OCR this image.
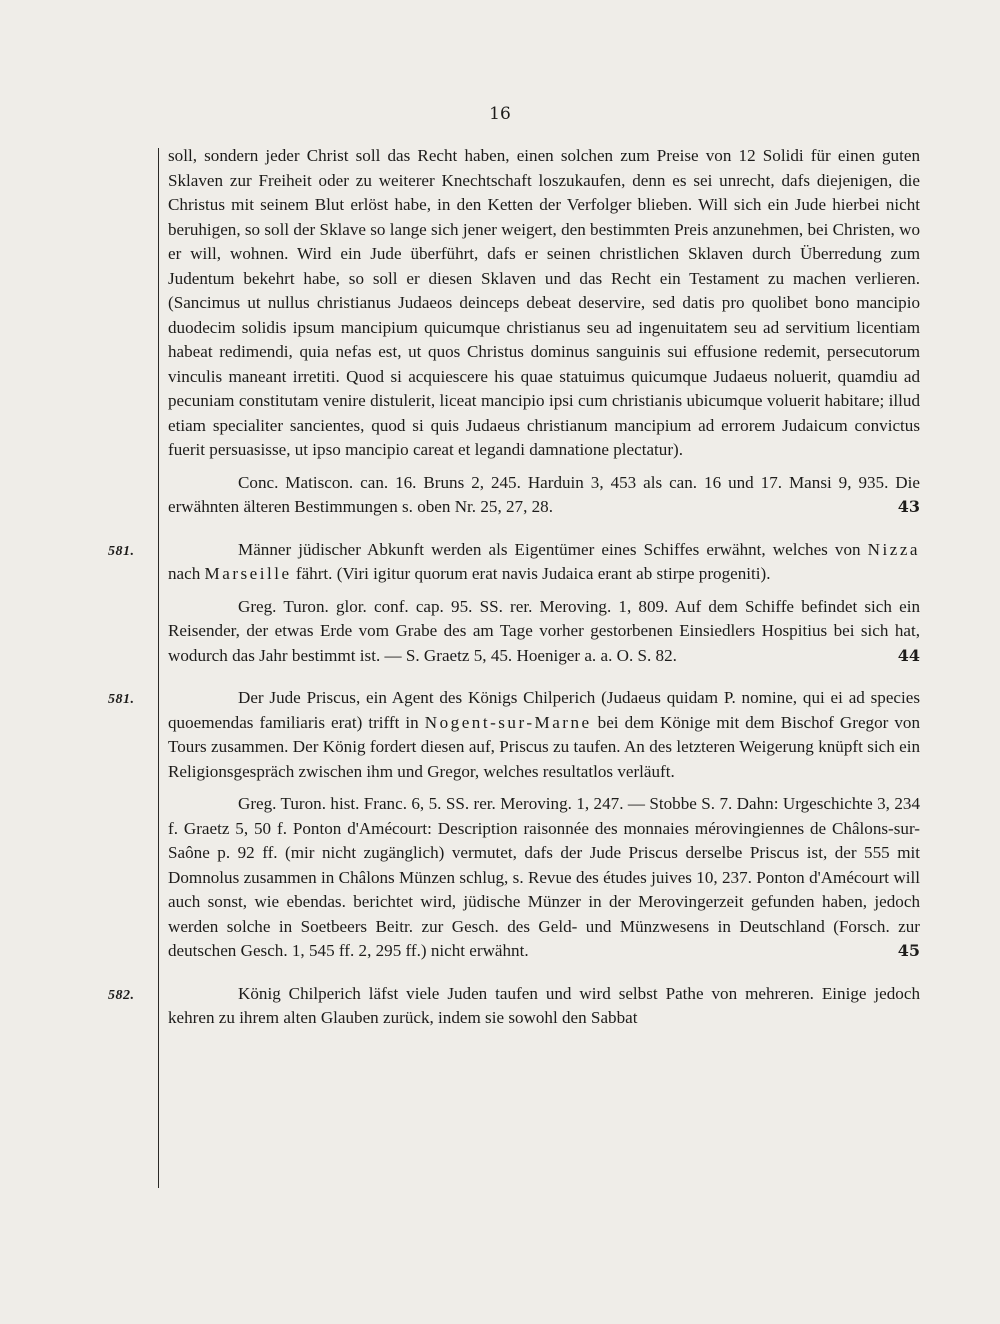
16

soll, sondern jeder Christ soll das Recht haben, einen solchen zum Preise von 12 Solidi für einen guten Sklaven zur Freiheit oder zu weiterer Knechtschaft loszukaufen, denn es sei unrecht, dafs diejenigen, die Christus mit seinem Blut erlöst habe, in den Ketten der Verfolger blieben. Will sich ein Jude hierbei nicht beruhigen, so soll der Sklave so lange sich jener weigert, den bestimmten Preis anzunehmen, bei Christen, wo er will, wohnen. Wird ein Jude überführt, dafs er seinen christlichen Sklaven durch Überredung zum Judentum bekehrt habe, so soll er diesen Sklaven und das Recht ein Testament zu machen verlieren. (Sancimus ut nullus christianus Judaeos deinceps debeat deservire, sed datis pro quolibet bono mancipio duodecim solidis ipsum mancipium quicumque christianus seu ad ingenuitatem seu ad servitium licentiam habeat redimendi, quia nefas est, ut quos Christus dominus sanguinis sui effusione redemit, persecutorum vinculis maneant irretiti. Quod si acquiescere his quae statuimus quicumque Judaeus noluerit, quamdiu ad pecuniam constitutam venire distulerit, liceat mancipio ipsi cum christianis ubicumque voluerit habitare; illud etiam specialiter sancientes, quod si quis Judaeus christianum mancipium ad errorem Judaicum convictus fuerit persuasisse, ut ipso mancipio careat et legandi damnatione plectatur).

Conc. Matiscon. can. 16. Bruns 2, 245. Harduin 3, 453 als can. 16 und 17. Mansi 9, 935. Die erwähnten älteren Bestimmungen s. oben Nr. 25, 27, 28.	43

581.	Männer jüdischer Abkunft werden als Eigentümer eines Schiffes erwähnt, welches von Nizza nach Marseille fährt. (Viri igitur quorum erat navis Judaica erant ab stirpe progeniti).

Greg. Turon. glor. conf. cap. 95. SS. rer. Meroving. 1, 809. Auf dem Schiffe befindet sich ein Reisender, der etwas Erde vom Grabe des am Tage vorher gestorbenen Einsiedlers Hospitius bei sich hat, wodurch das Jahr bestimmt ist. — S. Graetz 5, 45. Hoeniger a. a. O. S. 82.	44

581.	Der Jude Priscus, ein Agent des Königs Chilperich (Judaeus quidam P. nomine, qui ei ad species quoemendas familiaris erat) trifft in Nogent-sur-Marne bei dem Könige mit dem Bischof Gregor von Tours zusammen. Der König fordert diesen auf, Priscus zu taufen. An des letzteren Weigerung knüpft sich ein Religionsgespräch zwischen ihm und Gregor, welches resultatlos verläuft.

Greg. Turon. hist. Franc. 6, 5. SS. rer. Meroving. 1, 247. — Stobbe S. 7. Dahn: Urgeschichte 3, 234 f. Graetz 5, 50 f. Ponton d'Amécourt: Description raisonnée des monnaies mérovingiennes de Châlons-sur-Saône p. 92 ff. (mir nicht zugänglich) vermutet, dafs der Jude Priscus derselbe Priscus ist, der 555 mit Domnolus zusammen in Châlons Münzen schlug, s. Revue des études juives 10, 237. Ponton d'Amécourt will auch sonst, wie ebendas. berichtet wird, jüdische Münzer in der Merovingerzeit gefunden haben, jedoch werden solche in Soetbeers Beitr. zur Gesch. des Geld- und Münzwesens in Deutschland (Forsch. zur deutschen Gesch. 1, 545 ff. 2, 295 ff.) nicht erwähnt.	45

582.	König Chilperich läfst viele Juden taufen und wird selbst Pathe von mehreren. Einige jedoch kehren zu ihrem alten Glauben zurück, indem sie sowohl den Sabbat
